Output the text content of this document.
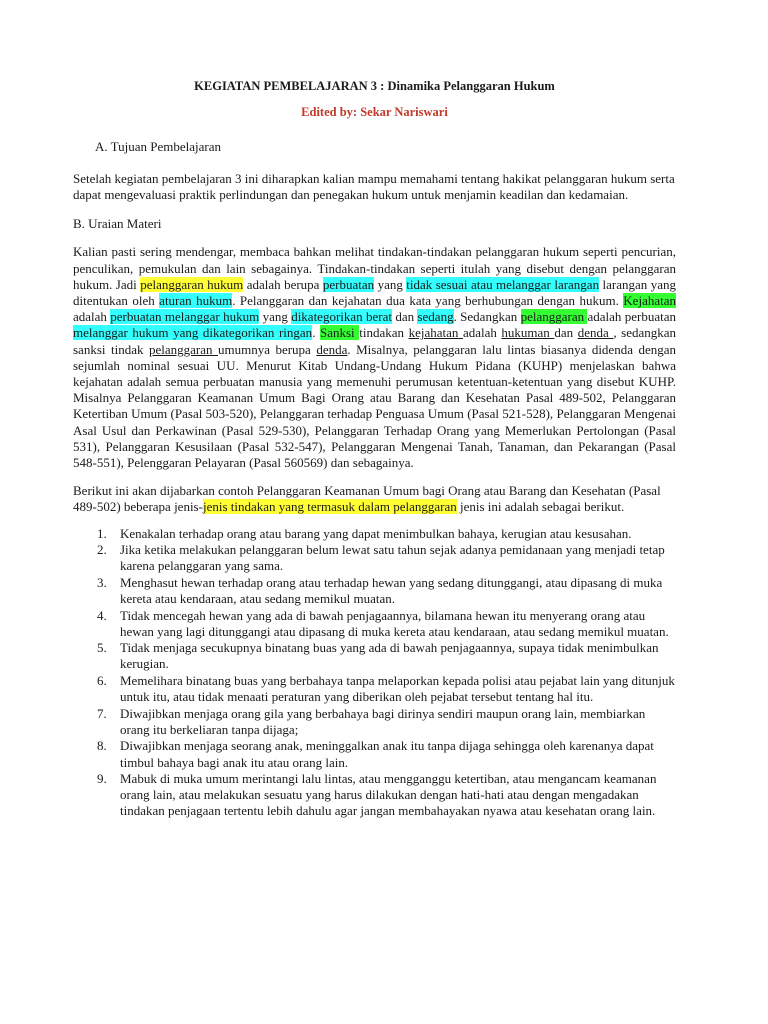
KEGIATAN PEMBELAJARAN 3 : Dinamika Pelanggaran Hukum

Edited by: Sekar Nariswari

A. Tujuan Pembelajaran

Setelah kegiatan pembelajaran 3 ini diharapkan kalian mampu memahami tentang hakikat pelanggaran hukum serta dapat mengevaluasi praktik perlindungan dan penegakan hukum untuk menjamin keadilan dan kedamaian.

B. Uraian Materi

Kalian pasti sering mendengar, membaca bahkan melihat tindakan-tindakan pelanggaran hukum seperti pencurian, penculikan, pemukulan dan lain sebagainya. Tindakan-tindakan seperti itulah yang disebut dengan pelanggaran hukum. Jadi pelanggaran hukum adalah berupa perbuatan yang tidak sesuai atau melanggar larangan larangan yang ditentukan oleh aturan hukum. Pelanggaran dan kejahatan dua kata yang berhubungan dengan hukum. Kejahatan adalah perbuatan melanggar hukum yang dikategorikan berat dan sedang. Sedangkan pelanggaran adalah perbuatan melanggar hukum yang dikategorikan ringan. Sanksi tindakan kejahatan adalah hukuman dan denda , sedangkan sanksi tindak pelanggaran umumnya berupa denda. Misalnya, pelanggaran lalu lintas biasanya didenda dengan sejumlah nominal sesuai UU. Menurut Kitab Undang-Undang Hukum Pidana (KUHP) menjelaskan bahwa kejahatan adalah semua perbuatan manusia yang memenuhi perumusan ketentuan-ketentuan yang disebut KUHP. Misalnya Pelanggaran Keamanan Umum Bagi Orang atau Barang dan Kesehatan Pasal 489-502, Pelanggaran Ketertiban Umum (Pasal 503-520), Pelanggaran terhadap Penguasa Umum (Pasal 521-528), Pelanggaran Mengenai Asal Usul dan Perkawinan (Pasal 529-530), Pelanggaran Terhadap Orang yang Memerlukan Pertolongan (Pasal 531), Pelanggaran Kesusilaan (Pasal 532-547), Pelanggaran Mengenai Tanah, Tanaman, dan Pekarangan (Pasal 548-551), Pelenggaran Pelayaran (Pasal 560569) dan sebagainya.

Berikut ini akan dijabarkan contoh Pelanggaran Keamanan Umum bagi Orang atau Barang dan Kesehatan (Pasal 489-502) beberapa jenis-jenis tindakan yang termasuk dalam pelanggaran jenis ini adalah sebagai berikut.

1. Kenakalan terhadap orang atau barang yang dapat menimbulkan bahaya, kerugian atau kesusahan.
2. Jika ketika melakukan pelanggaran belum lewat satu tahun sejak adanya pemidanaan yang menjadi tetap karena pelanggaran yang sama.
3. Menghasut hewan terhadap orang atau terhadap hewan yang sedang ditunggangi, atau dipasang di muka kereta atau kendaraan, atau sedang memikul muatan.
4. Tidak mencegah hewan yang ada di bawah penjagaannya, bilamana hewan itu menyerang orang atau hewan yang lagi ditunggangi atau dipasang di muka kereta atau kendaraan, atau sedang memikul muatan.
5. Tidak menjaga secukupnya binatang buas yang ada di bawah penjagaannya, supaya tidak menimbulkan kerugian.
6. Memelihara binatang buas yang berbahaya tanpa melaporkan kepada polisi atau pejabat lain yang ditunjuk untuk itu, atau tidak menaati peraturan yang diberikan oleh pejabat tersebut tentang hal itu.
7. Diwajibkan menjaga orang gila yang berbahaya bagi dirinya sendiri maupun orang lain, membiarkan orang itu berkeliaran tanpa dijaga;
8. Diwajibkan menjaga seorang anak, meninggalkan anak itu tanpa dijaga sehingga oleh karenanya dapat timbul bahaya bagi anak itu atau orang lain.
9. Mabuk di muka umum merintangi lalu lintas, atau mengganggu ketertiban, atau mengancam keamanan orang lain, atau melakukan sesuatu yang harus dilakukan dengan hati-hati atau dengan mengadakan tindakan penjagaan tertentu lebih dahulu agar jangan membahayakan nyawa atau kesehatan orang lain.
